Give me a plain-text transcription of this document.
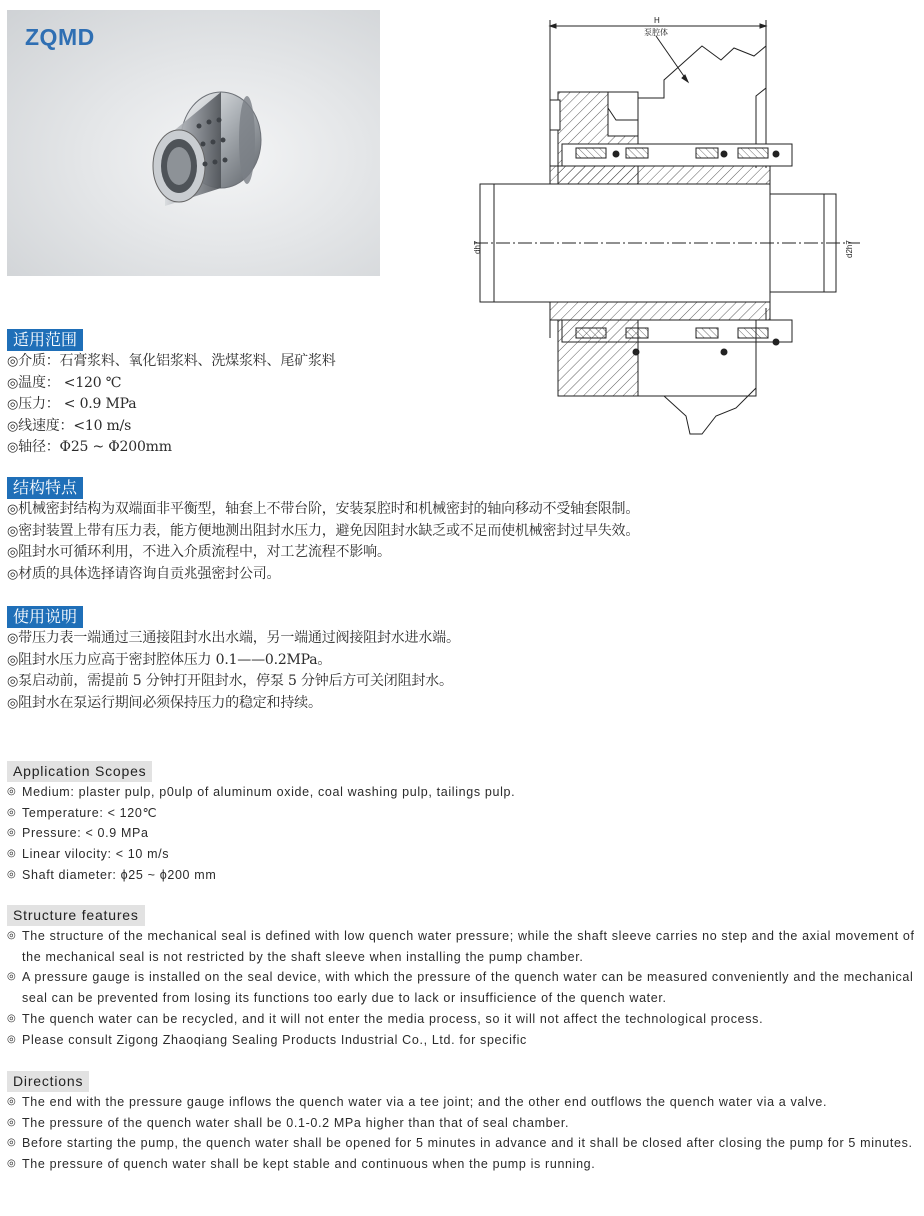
ZQMD
H
泵腔体
dh7	d2h7
适用范围
◎介质：石膏浆料、氧化铝浆料、洗煤浆料、尾矿浆料
◎温度： <120 ℃
◎压力： < 0.9 MPa
◎线速度：<10 m/s
◎轴径：Φ25 ~ Φ200mm
结构特点
◎机械密封结构为双端面非平衡型，轴套上不带台阶，安装泵腔时和机械密封的轴向移动不受轴套限制。
◎密封装置上带有压力表，能方便地测出阻封水压力，避免因阻封水缺乏或不足而使机械密封过早失效。
◎阻封水可循环利用，不进入介质流程中，对工艺流程不影响。
◎材质的具体选择请咨询自贡兆强密封公司。
使用说明
◎带压力表一端通过三通接阻封水出水端，另一端通过阀接阻封水进水端。
◎阻封水压力应高于密封腔体压力 0.1——0.2MPa。
◎泵启动前，需提前 5 分钟打开阻封水，停泵 5 分钟后方可关闭阻封水。
◎阻封水在泵运行期间必须保持压力的稳定和持续。
Application Scopes
◎ Medium: plaster pulp, p0ulp of aluminum oxide, coal washing pulp, tailings pulp.
◎ Temperature: < 120℃
◎ Pressure: < 0.9 MPa
◎ Linear vilocity: < 10 m/s
◎ Shaft diameter: ϕ25 ~ ϕ200 mm
Structure features
◎ The structure of the mechanical seal is defined with low quench water pressure; while the shaft sleeve carries no step and the axial movement of the mechanical seal is not restricted by the shaft sleeve when installing the pump chamber.
◎ A pressure gauge is installed on the seal device, with which the pressure of the quench water can be measured conveniently and the mechanical seal can be prevented from losing its functions too early due to lack or insufficience of the quench water.
◎ The quench water can be recycled, and it will not enter the media process, so it will not affect the technological process.
◎ Please consult Zigong Zhaoqiang Sealing Products Industrial Co., Ltd. for specific
Directions
◎ The end with the pressure gauge inflows the quench water via a tee joint; and the other end outflows the quench water via a valve.
◎ The pressure of the quench water shall be 0.1-0.2 MPa higher than that of seal chamber.
◎ Before starting the pump, the quench water shall be opened for 5 minutes in advance and it shall be closed after closing the pump for 5 minutes.
◎ The pressure of quench water shall be kept stable and continuous when the pump is running.
